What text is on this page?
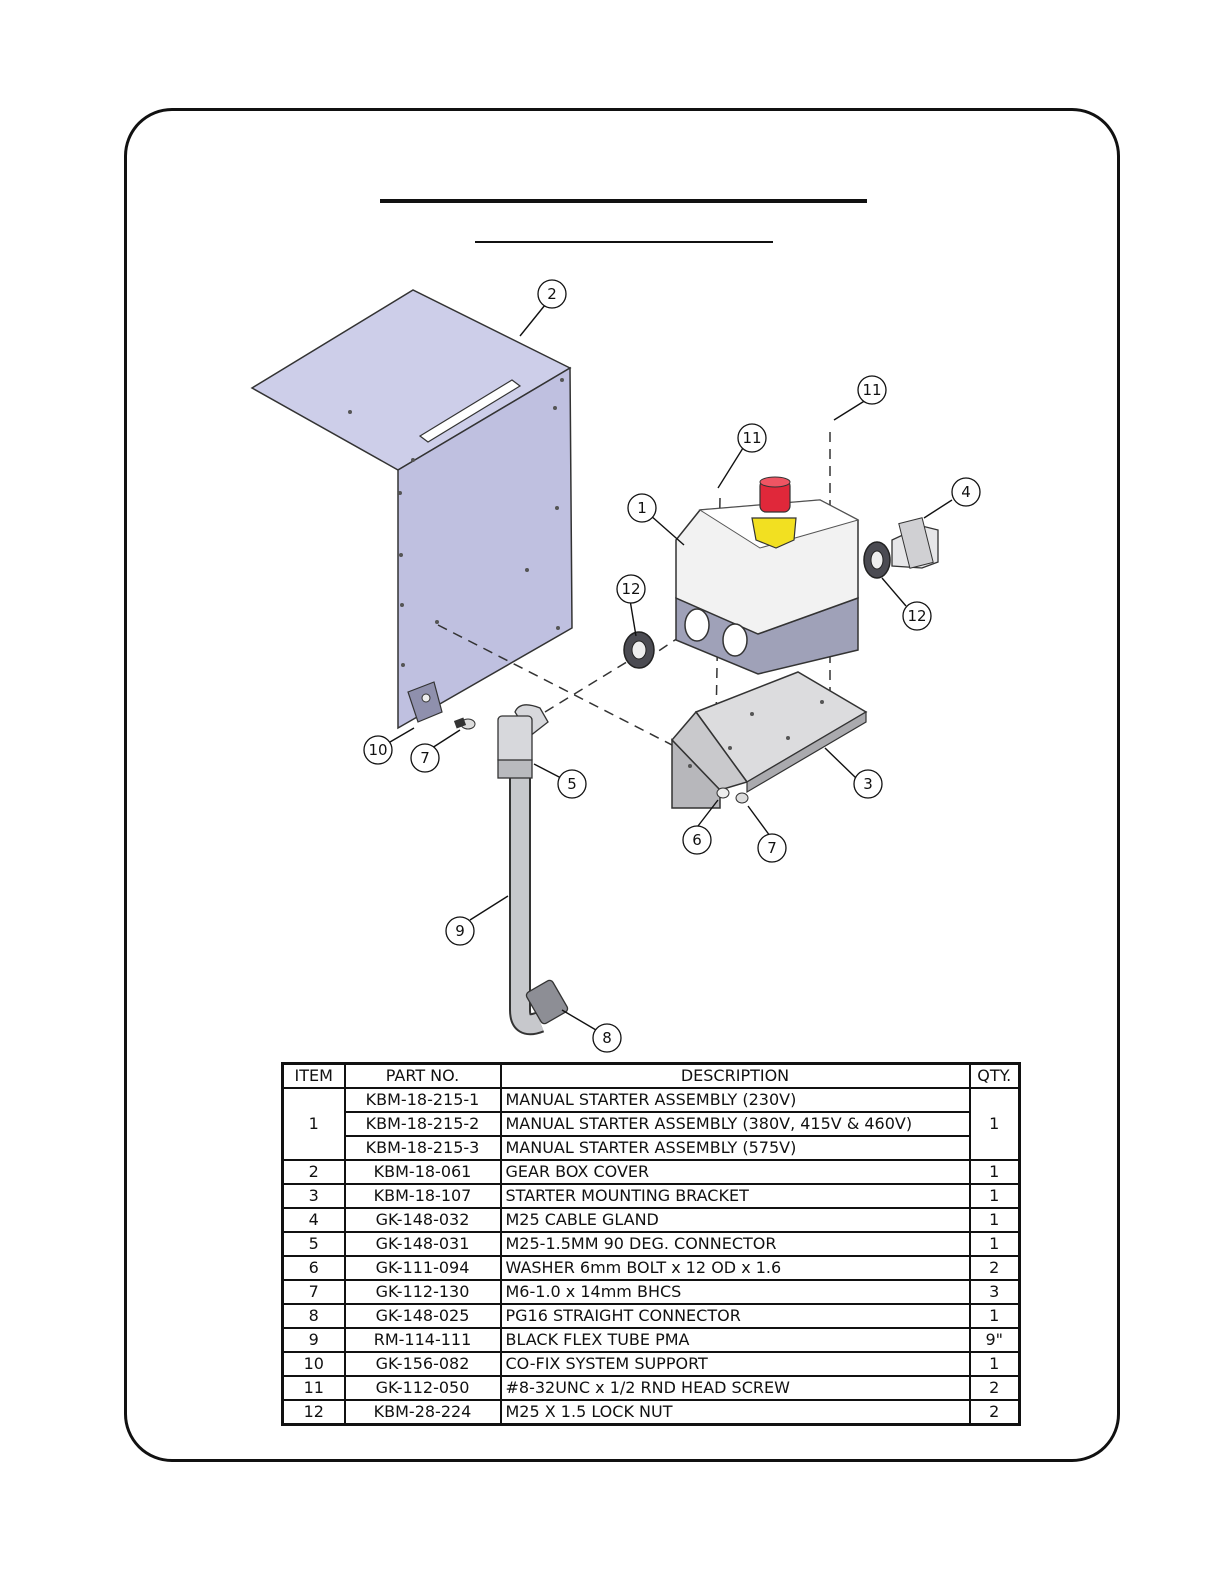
2
11
11
1
4
12
12
10 7
5	3
6	7
9
8
ITEM	PART NO.	DESCRIPTION	QTY.
1	KBM-18-215-1	MANUAL STARTER ASSEMBLY (230V)	1
	KBM-18-215-2	MANUAL STARTER ASSEMBLY (380V, 415V & 460V)	
	KBM-18-215-3	MANUAL STARTER ASSEMBLY (575V)	
2	KBM-18-061	GEAR BOX COVER	1
3	KBM-18-107	STARTER MOUNTING BRACKET	1
4	GK-148-032	M25 CABLE GLAND	1
5	GK-148-031	M25-1.5MM 90 DEG. CONNECTOR	1
6	GK-111-094	WASHER 6mm BOLT x 12 OD x 1.6	2
7	GK-112-130	M6-1.0 x 14mm BHCS	3
8	GK-148-025	PG16 STRAIGHT CONNECTOR	1
9	RM-114-111	BLACK FLEX TUBE PMA	9"
10	GK-156-082	CO-FIX SYSTEM SUPPORT	1
11	GK-112-050	#8-32UNC x 1/2 RND HEAD SCREW	2
12	KBM-28-224	M25 X 1.5 LOCK NUT	2
